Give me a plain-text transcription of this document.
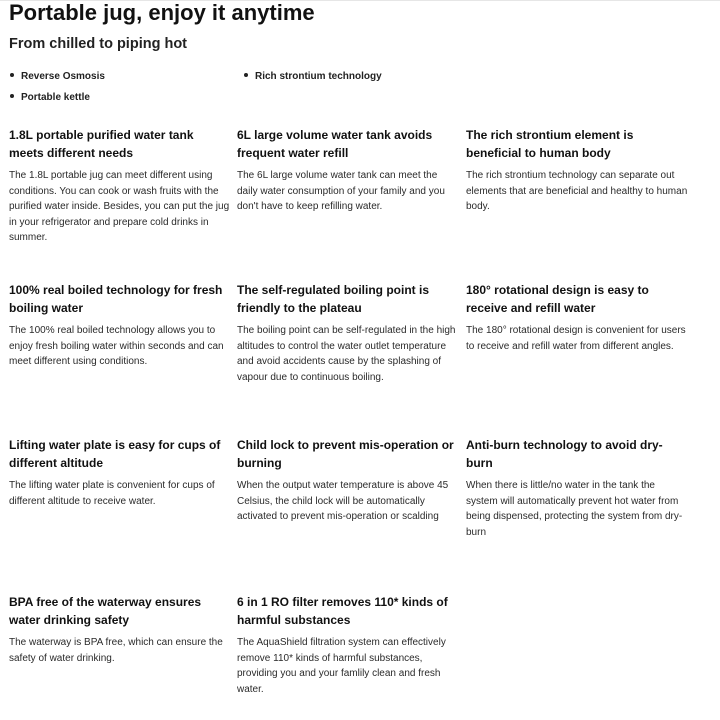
Portable jug, enjoy it anytime
From chilled to piping hot
Reverse Osmosis
Portable kettle
Rich strontium technology
1.8L portable purified water tank meets different needs

The 1.8L portable jug can meet different using conditions. You can cook or wash fruits with the purified water inside. Besides, you can put the jug in your refrigerator and prepare cold drinks in summer.

6L large volume water tank avoids frequent water refill

The 6L large volume water tank can meet the daily water consumption of your family and you don't have to keep refilling water.

The rich strontium element is beneficial to human body

The rich strontium technology can separate out elements that are beneficial and healthy to human body.

100% real boiled technology for fresh boiling water

The 100% real boiled technology allows you to enjoy fresh boiling water within seconds and can meet different using conditions.

The self-regulated boiling point is friendly to the plateau

The boiling point can be self-regulated in the high altitudes to control the water outlet temperature and avoid accidents cause by the splashing of vapour due to continuous boiling.

180° rotational design is easy to receive and refill water

The 180° rotational design is convenient for users to receive and refill water from different angles.

Lifting water plate is easy for cups of different altitude

The lifting water plate is convenient for cups of different altitude to receive water.

Child lock to prevent mis-operation or burning

When the output water temperature is above 45 Celsius, the child lock will be automatically activated to prevent mis-operation or scalding

Anti-burn technology to avoid dry-burn

When there is little/no water in the tank the system will automatically prevent hot water from being dispensed, protecting the system from dry-burn

BPA free of the waterway ensures water drinking safety

The waterway is BPA free, which can ensure the safety of water drinking.

6 in 1 RO filter removes 110* kinds of harmful substances

The AquaShield filtration system can effectively remove 110* kinds of harmful substances, providing you and your famlily clean and fresh water.
